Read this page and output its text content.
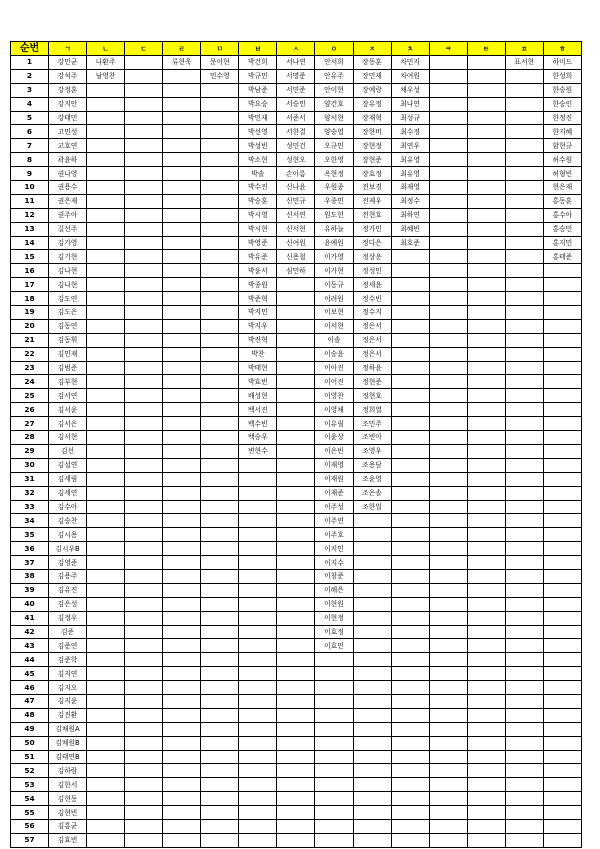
순번	ㄱ	ㄴ	ㄷ	ㄹ	ㅁ	ㅂ	ㅅ	ㅇ	ㅈ	ㅊ	ㅋ	ㅌ	ㅍ	ㅎ
1	강민균	나환주		류현욱	문이현	박건희	서나연	안서희	장동훈	차민지			표서현	하미드
2	강석주	남영찬			민수영	박규민	서명준	안유주	장민제	차여원				한성희
3	강정훈					박남준	서민준	안이현	장예랑	채우성				한승원
4	강지안					박요승	서승민	양건호	장유정	최나연				한승인
5	강태민					박민재	서준서	양서현	장재혁	최성규				한정진
6	고민성					박선영	서한결	양승엽	장한비	최수정				한지혜
7	고호연					박성빈	성민건	오규민	장현정	최연우				함현규
8	곽윤하					박소현	성현오	오한영	장현준	최유영				허수원
9	권나영					박솔	손아름	옥현정	장효정	최유영				허형빈
10	권용수					박수진	신나윤	우원종	전보경	최재영				현은재
11	권은재					박승훈	신민규	우종민	전제우	최정수				홍동훈
12	권주아					박시영	신서연	원도헌	전현호	최하연				홍수아
13	길선주					박시현	신서현	유하늘	정가민	최혜빈				홍승민
14	김가영					박영준	신여원	윤예원	정다은	최호준				홍지민
15	김기현					박유준	신용철	이가영	정상운					홍태준
16	김나현					박윤서	심민하	이가현	정성민					
17	김나현					박종원		이동규	정세윤					
18	김도연					박준혁		이려원	정수빈					
19	김도은					박지민		이보현	정수지					
20	김동연					박지우		이서현	정은서					
21	김동휘					박진혁		이솔	정은서					
22	김민재					박찬		이승윤	정은서					
23	김범준					박태현		이아진	정하윤					
24	김부현					박효빈		이어진	정현준					
25	김서연					배성현		이영찬	정현호					
26	김서윤					백서진		이영채	정희열					
27	김서은					백수빈		이유림	조민주					
28	김서현					백승우		이윤상	조빈아					
29	김선					변현수		이은빈	조영우					
30	김설연							이재영	조용담					
31	김세림							이재원	조윤영					
32	김세연							이재준	조은솔					
33	김수아							이주성	조한얼					
34	김승찬							이주연						
35	김시용							이주호						
36	김시우B							이지민						
37	김영준							이지수						
38	김용주							이창준						
39	김유진							이해은						
40	김은성							이현원						
41	김정우							이현정						
42	김준							이효정						
43	김준연							이효민						
44	김준학													
45	김지연													
46	김지오													
47	김지윤													
48	김진환													
49	김채원A													
50	김채원B													
51	김태연B													
52	김하람													
53	김한서													
54	김현동													
55	김현빈													
56	김홍균													
57	김효빈													
